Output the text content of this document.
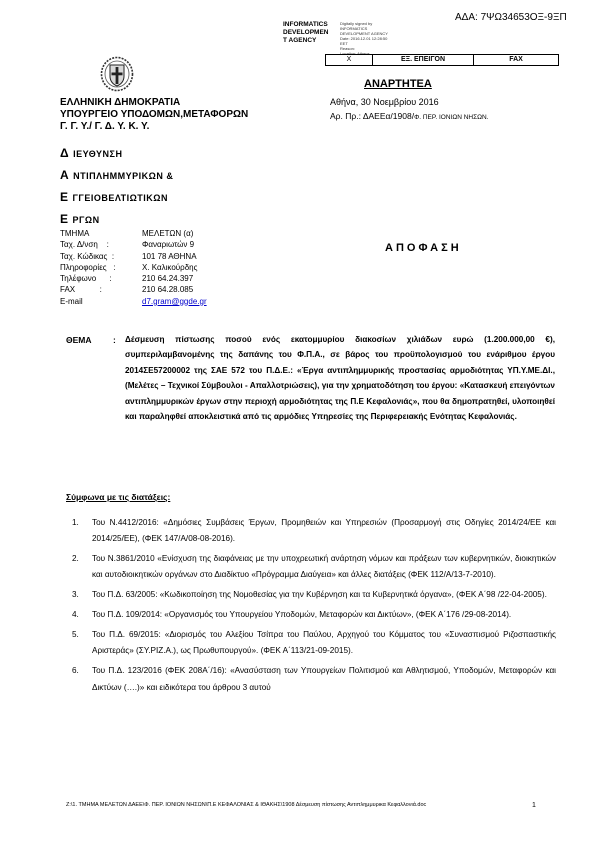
ΑΔΑ: 7ΨΩ34653ΟΞ-9ΞΠ
INFORMATICS
DEVELOPMEN
T AGENCY
Digitally signed by
INFORMATICS
DEVELOPMENT AGENCY
Date: 2016.12.01 12:28:50
EET
Reason:
Location: Athens
X	ΕΞ. ΕΠΕΙΓΟΝ	FAX
ΑΝΑΡΤΗΤΕΑ
Αθήνα, 30 Νοεμβρίου 2016
Αρ. Πρ.: ΔΑΕΕα/1908/Φ. ΠΕΡ. ΙΟΝΙΩΝ ΝΗΣΩΝ.
ΕΛΛΗΝΙΚΗ ΔΗΜΟΚΡΑΤΙΑ
ΥΠΟΥΡΓΕΙΟ ΥΠΟΔΟΜΩΝ,ΜΕΤΑΦΟΡΩΝ
Γ. Γ. Υ./ Γ. Δ. Υ. Κ. Υ.
Δ ΙΕΥΘΥΝΣΗ
Α ΝΤΙΠΛΗΜΜΥΡΙΚΩΝ &
Ε ΓΓΕΙΟΒΕΛΤΙΩΤΙΚΩΝ
Ε ΡΓΩΝ
ΤΜΗΜΑ	ΜΕΛΕΤΩΝ (α)
Ταχ. Δ/νση    :	Φαναριωτών 9
Ταχ. Κώδικας  :	101 78 ΑΘΗΝΑ
Πληροφορίες   :	Χ. Καλικούρδης
Τηλέφωνο      :	210 64.24.397
FAX           :	210 64.28.085
E-mail	d7.gram@ggde.gr
ΑΠΟΦΑΣΗ
ΘΕΜΑ	: Δέσμευση πίστωσης ποσού ενός εκατομμυρίου διακοσίων χιλιάδων ευρώ (1.200.000,00 €), συμπεριλαμβανομένης της δαπάνης του Φ.Π.Α., σε βάρος του προϋπολογισμού του ενάριθμου έργου 2014ΣΕ57200002 της ΣΑΕ 572 του Π.Δ.Ε.: «Έργα αντιπλημμυρικής προστασίας αρμοδιότητας ΥΠ.Υ.ΜΕ.ΔΙ., (Μελέτες – Τεχνικοί Σύμβουλοι - Απαλλοτριώσεις), για την χρηματοδότηση του έργου: «Κατασκευή επειγόντων αντιπλημμυρικών έργων στην περιοχή αρμοδιότητας της Π.Ε Κεφαλονιάς», που θα δημοπρατηθεί, υλοποιηθεί και παραληφθεί αποκλειστικά από τις αρμόδιες Υπηρεσίες της Περιφερειακής Ενότητας Κεφαλονιάς.
Σύμφωνα με τις διατάξεις:
1.	Του Ν.4412/2016: «Δημόσιες Συμβάσεις Έργων, Προμηθειών και Υπηρεσιών (Προσαρμογή στις Οδηγίες 2014/24/ΕΕ και 2014/25/ΕΕ), (ΦΕΚ 147/Α/08-08-2016).
2.	Του Ν.3861/2010 «Ενίσχυση της διαφάνειας με την υποχρεωτική ανάρτηση νόμων και πράξεων των κυβερνητικών, διοικητικών και αυτοδιοικητικών οργάνων στο Διαδίκτυο «Πρόγραμμα Διαύγεια» και άλλες διατάξεις (ΦΕΚ 112/Α/13-7-2010).
3.	Του Π.Δ. 63/2005: «Κωδικοποίηση της Νομοθεσίας για την Κυβέρνηση και τα Κυβερνητικά όργανα», (ΦΕΚ Α΄98 /22-04-2005).
4.	Του Π.Δ. 109/2014: «Οργανισμός του Υπουργείου Υποδομών, Μεταφορών και Δικτύων», (ΦΕΚ Α΄176 /29-08-2014).
5.	Του Π.Δ. 69/2015: «Διορισμός του Αλεξίου Τσίπρα του Παύλου, Αρχηγού του Κόμματος του «Συνασπισμού Ριζοσπαστικής Αριστεράς» (ΣΥ.ΡΙΖ.Α.), ως Πρωθυπουργού». (ΦΕΚ Α΄113/21-09-2015).
6.	Του Π.Δ. 123/2016 (ΦΕΚ 208Α΄/16): «Ανασύσταση των Υπουργείων Πολιτισμού και Αθλητισμού, Υποδομών, Μεταφορών και Δικτύων (….)» και ειδικότερα του άρθρου 3 αυτού
Z:\1. ΤΜΗΜΑ ΜΕΛΕΤΩΝ ΔΑΕΕ\Φ. ΠΕΡ. ΙΟΝΙΩΝ ΝΗΣΩΝ\Π.Ε ΚΕΦΑΛΟΝΙΑΣ & ΙΘΑΚΗΣ\1908 Δέσμευση πίστωσης Αντιπλημμυρικα Κεφαλλονιά.doc	1
